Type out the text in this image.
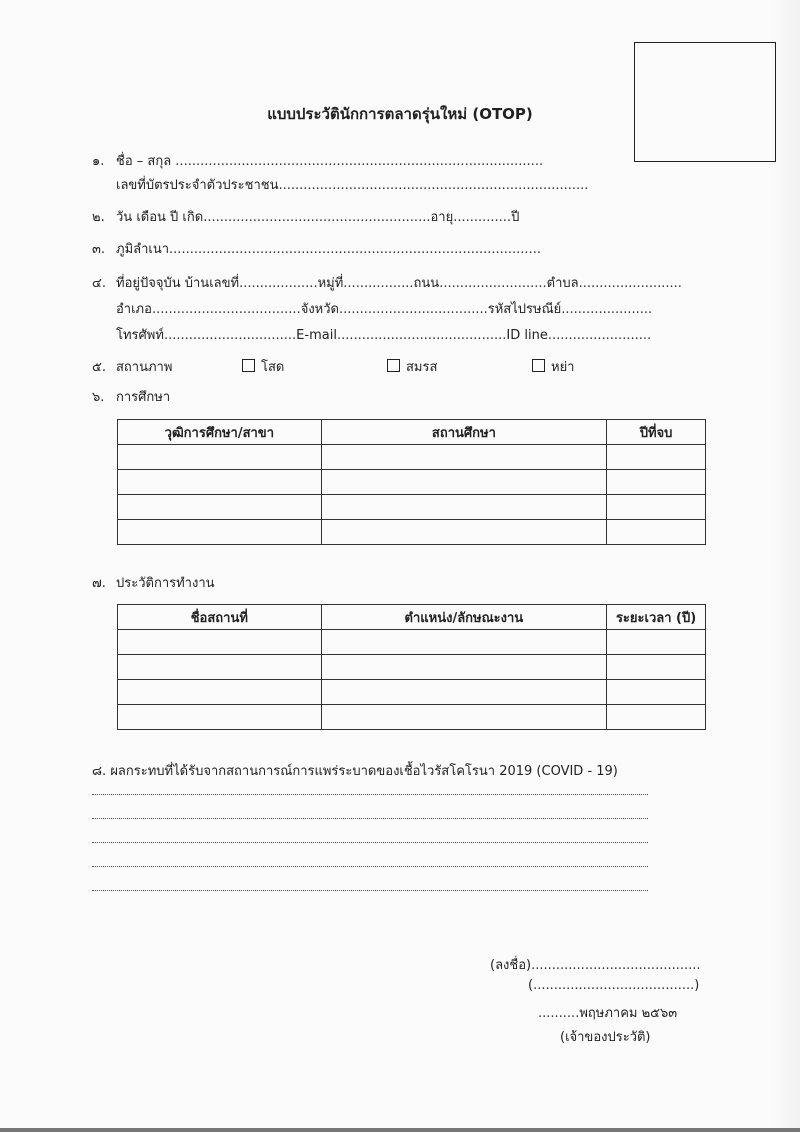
แบบประวัตินักการตลาดรุ่นใหม่ (OTOP)
๑. ชื่อ – สกุล .........................................................................................
เลขที่บัตรประจำตัวประชาชน...........................................................................
๒. วัน เดือน ปี เกิด.......................................................อายุ..............ปี
๓. ภูมิลำเนา..........................................................................................
๔. ที่อยู่ปัจจุบัน บ้านเลขที่...................หมู่ที่.................ถนน..........................ตำบล.........................
อำเภอ....................................จังหวัด....................................รหัสไปรษณีย์......................
โทรศัพท์................................E-mail.........................................ID line.........................
๕. สถานภาพ	โสด	สมรส	หย่า
๖. การศึกษา
วุฒิการศึกษา/สาขา	สถานศึกษา	ปีที่จบ

๗. ประวัติการทำงาน
ชื่อสถานที่	ตำแหน่ง/ลักษณะงาน	ระยะเวลา (ปี)

๘. ผลกระทบที่ได้รับจากสถานการณ์การแพร่ระบาดของเชื้อไวรัสโคโรนา 2019 (COVID - 19)
(ลงชื่อ).........................................
(.......................................)
..........พฤษภาคม ๒๕๖๓
(เจ้าของประวัติ)
